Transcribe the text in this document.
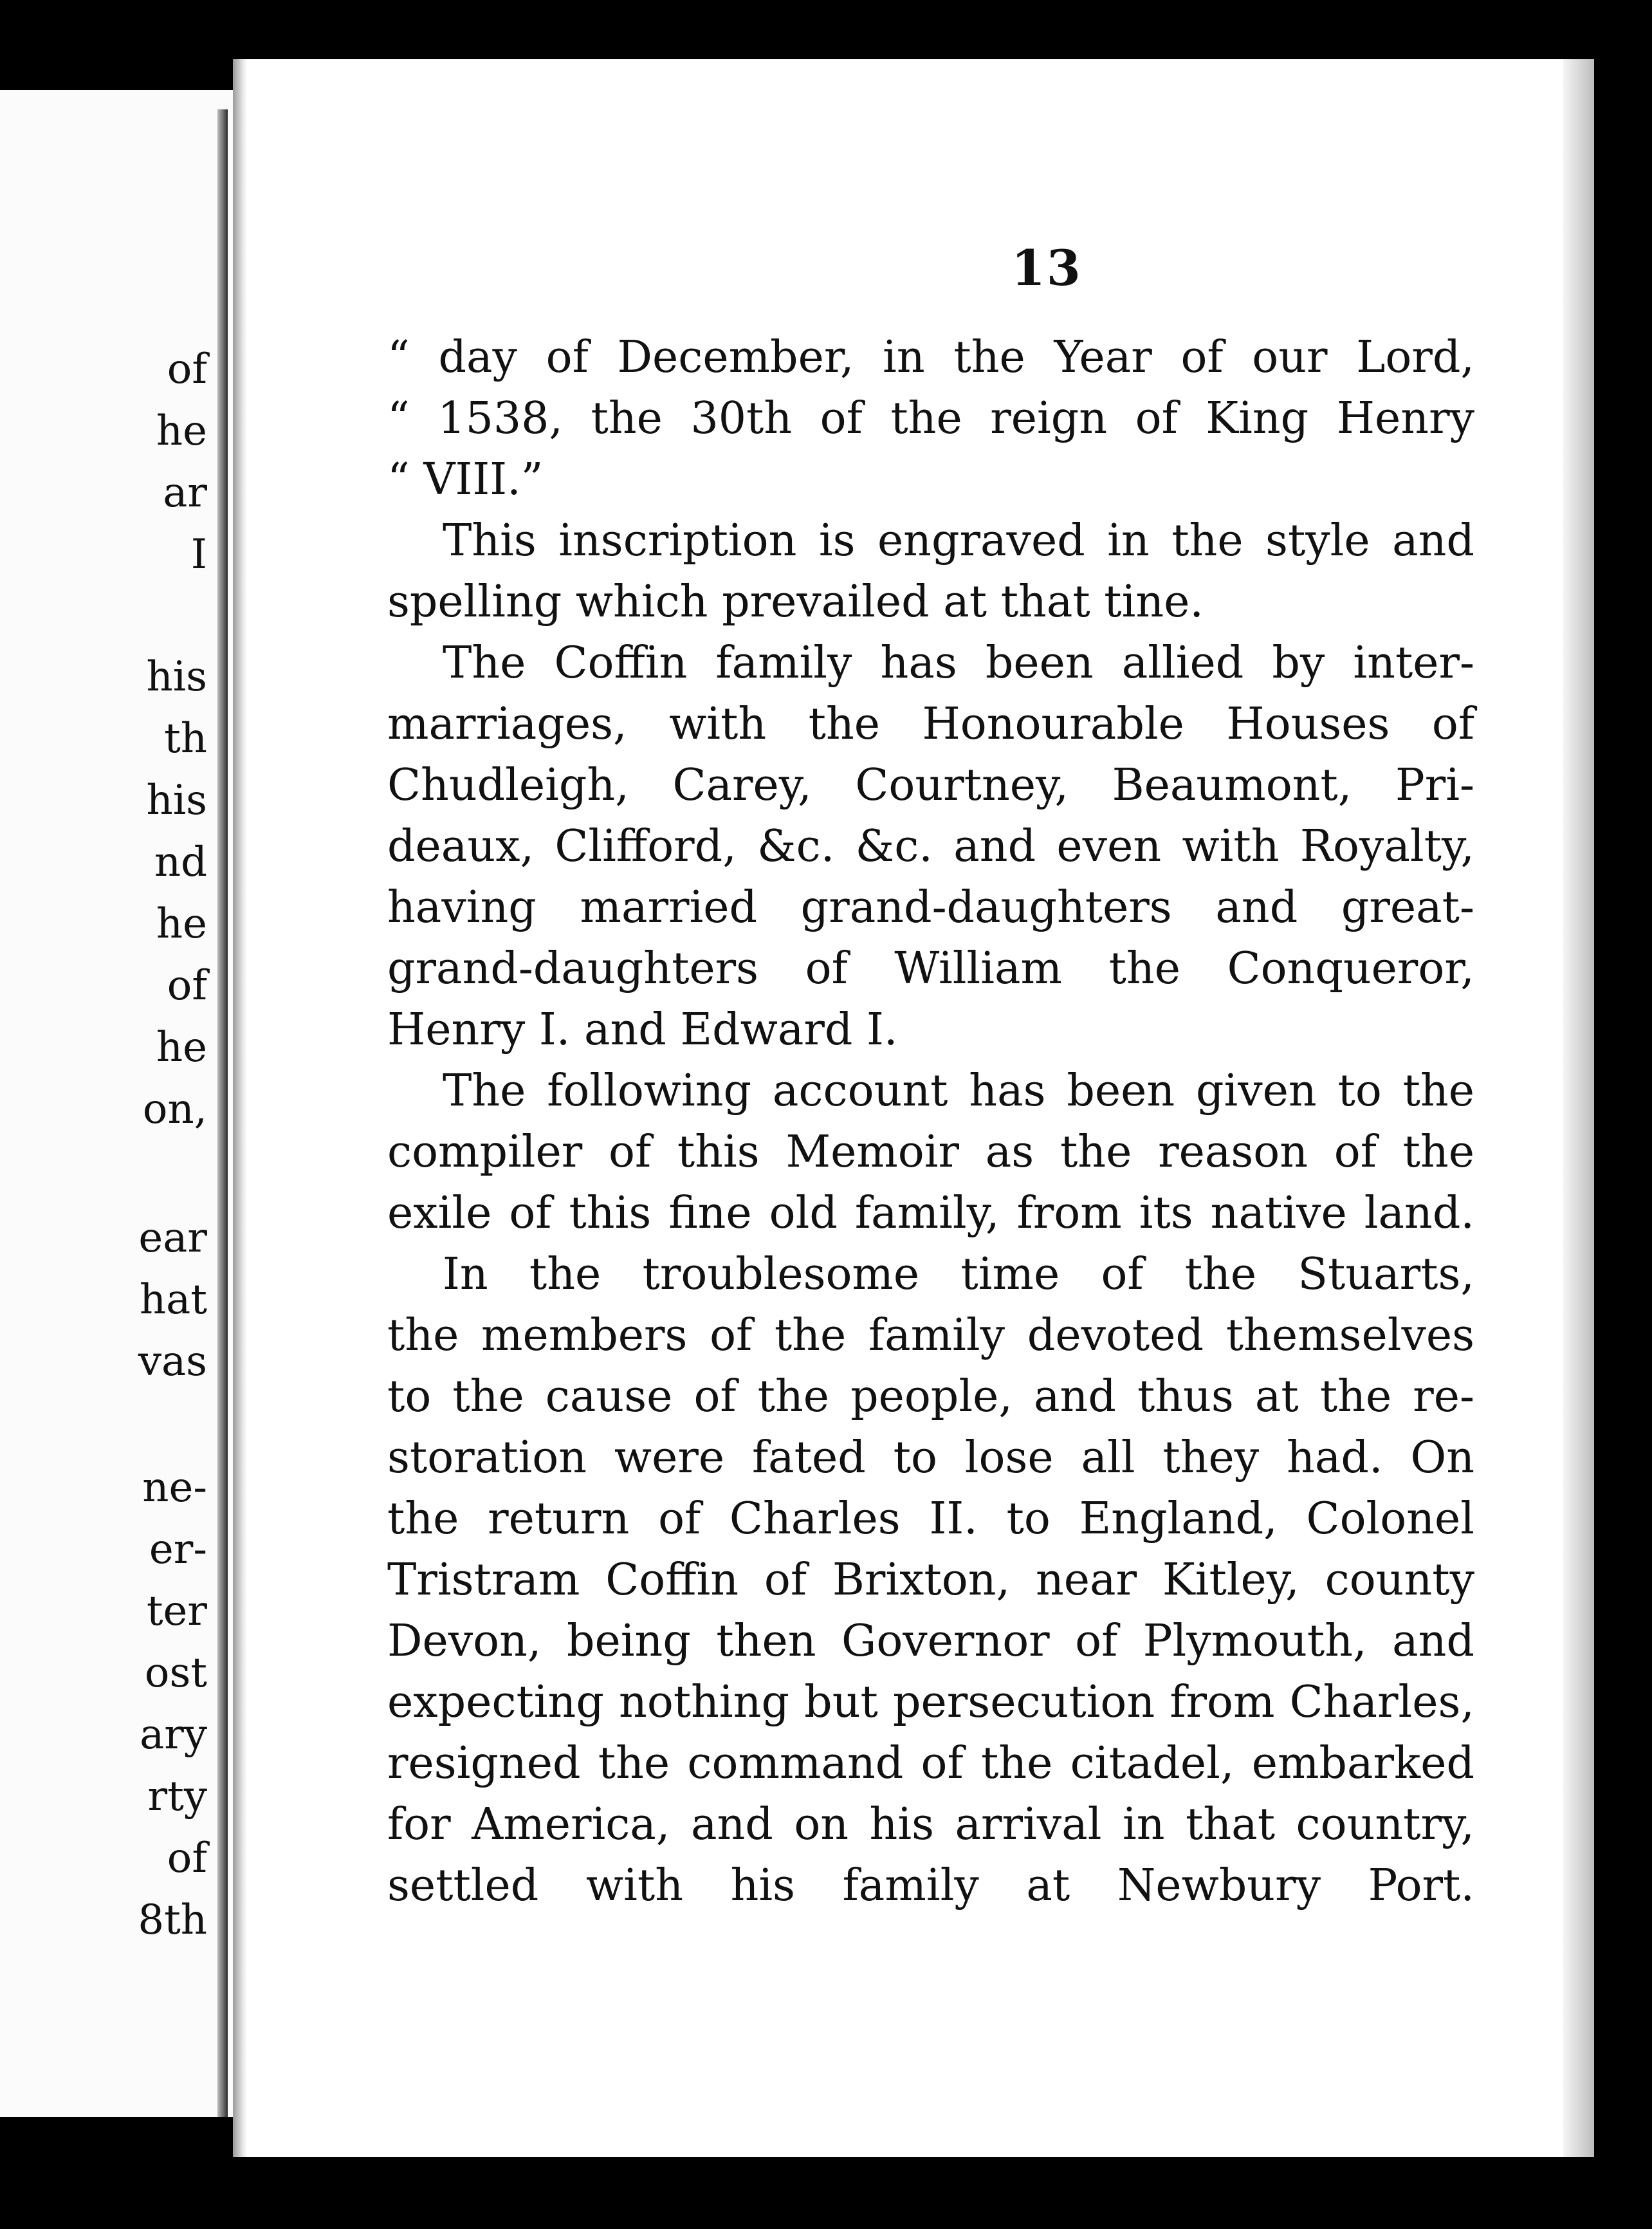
of
he
ar
I
his
th
his
nd
he
of
he
on,
ear
hat
vas
ne-
er-
ter
ost
ary
rty
of
8th
13
“ day of December, in the Year of our Lord,
“ 1538, the 30th of the reign of King Henry
“ VIII.”
This inscription is engraved in the style and
spelling which prevailed at that tine.
The Coffin family has been allied by inter-
marriages, with the Honourable Houses of
Chudleigh, Carey, Courtney, Beaumont, Pri-
deaux, Clifford, &c. &c. and even with Royalty,
having married grand-daughters and great-
grand-daughters of William the Conqueror,
Henry I. and Edward I.
The following account has been given to the
compiler of this Memoir as the reason of the
exile of this fine old family, from its native land.
In the troublesome time of the Stuarts,
the members of the family devoted themselves
to the cause of the people, and thus at the re-
storation were fated to lose all they had. On
the return of Charles II. to England, Colonel
Tristram Coffin of Brixton, near Kitley, county
Devon, being then Governor of Plymouth, and
expecting nothing but persecution from Charles,
resigned the command of the citadel, embarked
for America, and on his arrival in that country,
settled with his family at Newbury Port.
